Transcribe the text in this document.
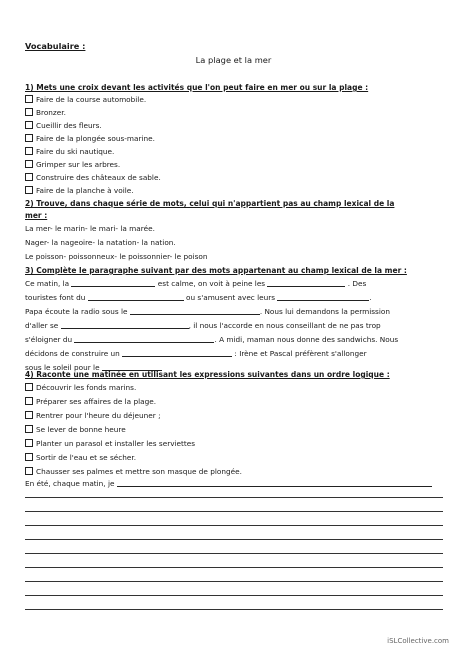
Vocabulaire :
La plage et la mer
1) Mets une croix devant les activités que l'on peut faire en mer ou sur la plage :
Faire de la course automobile.
Bronzer.
Cueillir des fleurs.
Faire de la plongée sous-marine.
Faire du ski nautique.
Grimper sur les arbres.
Construire des châteaux de sable.
Faire de la planche à voile.
2) Trouve, dans chaque série de mots, celui qui n'appartient pas au champ lexical de la
mer :
La mer- le marin- le mari- la marée.
Nager- la nageoire- la natation- la nation.
Le poisson- poissonneux- le poissonnier- le poison
3) Complète le paragraphe suivant par des mots appartenant au champ lexical de la mer :
Ce matin, la	est calme, on voit à peine les	. Des
touristes font du	ou s'amusent avec leurs	.
Papa écoute la radio sous le	. Nous lui demandons la permission
d'aller se	, il nous l'accorde en nous conseillant de ne pas trop
s'éloigner du	. A midi, maman nous donne des sandwichs. Nous
décidons de construire un	: Irène et Pascal préfèrent s'allonger
sous le soleil pour le
4) Raconte une matinée en utilisant les expressions suivantes dans un ordre logique :
Découvrir les fonds marins.
Préparer ses affaires de la plage.
Rentrer pour l'heure du déjeuner ;
Se lever de bonne heure
Planter un parasol et installer les serviettes
Sortir de l'eau et se sécher.
Chausser ses palmes et mettre son masque de plongée.
En été, chaque matin, je
iSLCollective.com
